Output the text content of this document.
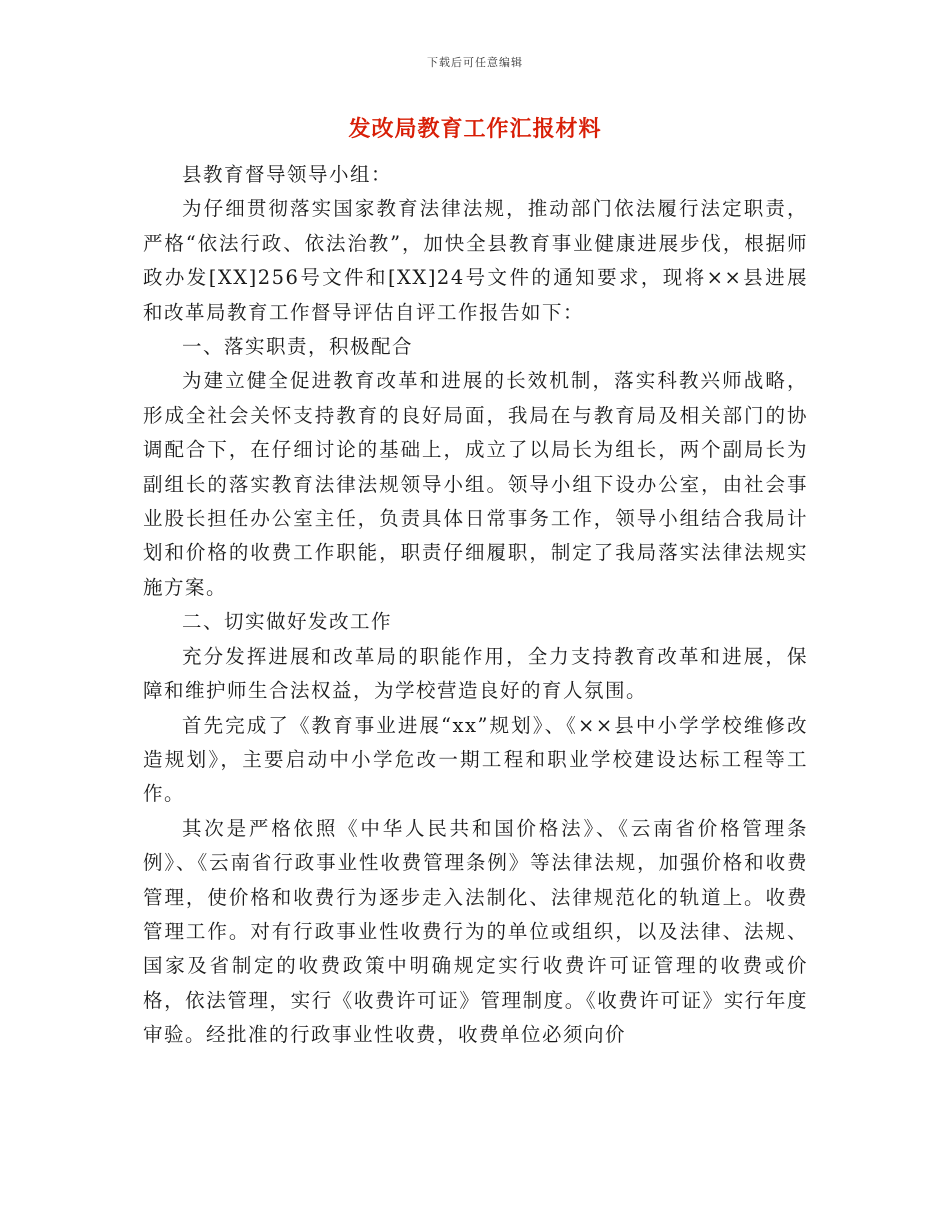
下载后可任意编辑
发改局教育工作汇报材料

县教育督导领导小组：

为仔细贯彻落实国家教育法律法规，推动部门依法履行法定职责，严格“依法行政、依法治教”，加快全县教育事业健康进展步伐，根据师政办发[XX]256号文件和[XX]24号文件的通知要求，现将××县进展和改革局教育工作督导评估自评工作报告如下：

一、落实职责，积极配合

为建立健全促进教育改革和进展的长效机制，落实科教兴师战略，形成全社会关怀支持教育的良好局面，我局在与教育局及相关部门的协调配合下，在仔细讨论的基础上，成立了以局长为组长，两个副局长为副组长的落实教育法律法规领导小组。领导小组下设办公室，由社会事业股长担任办公室主任，负责具体日常事务工作，领导小组结合我局计划和价格的收费工作职能，职责仔细履职，制定了我局落实法律法规实施方案。

二、切实做好发改工作

充分发挥进展和改革局的职能作用，全力支持教育改革和进展，保障和维护师生合法权益，为学校营造良好的育人氛围。

首先完成了《教育事业进展“xx”规划》、《××县中小学学校维修改造规划》，主要启动中小学危改一期工程和职业学校建设达标工程等工作。

其次是严格依照《中华人民共和国价格法》、《云南省价格管理条例》、《云南省行政事业性收费管理条例》等法律法规，加强价格和收费管理，使价格和收费行为逐步走入法制化、法律规范化的轨道上。收费管理工作。对有行政事业性收费行为的单位或组织，以及法律、法规、国家及省制定的收费政策中明确规定实行收费许可证管理的收费或价格，依法管理，实行《收费许可证》管理制度。《收费许可证》实行年度审验。经批准的行政事业性收费，收费单位必须向价
